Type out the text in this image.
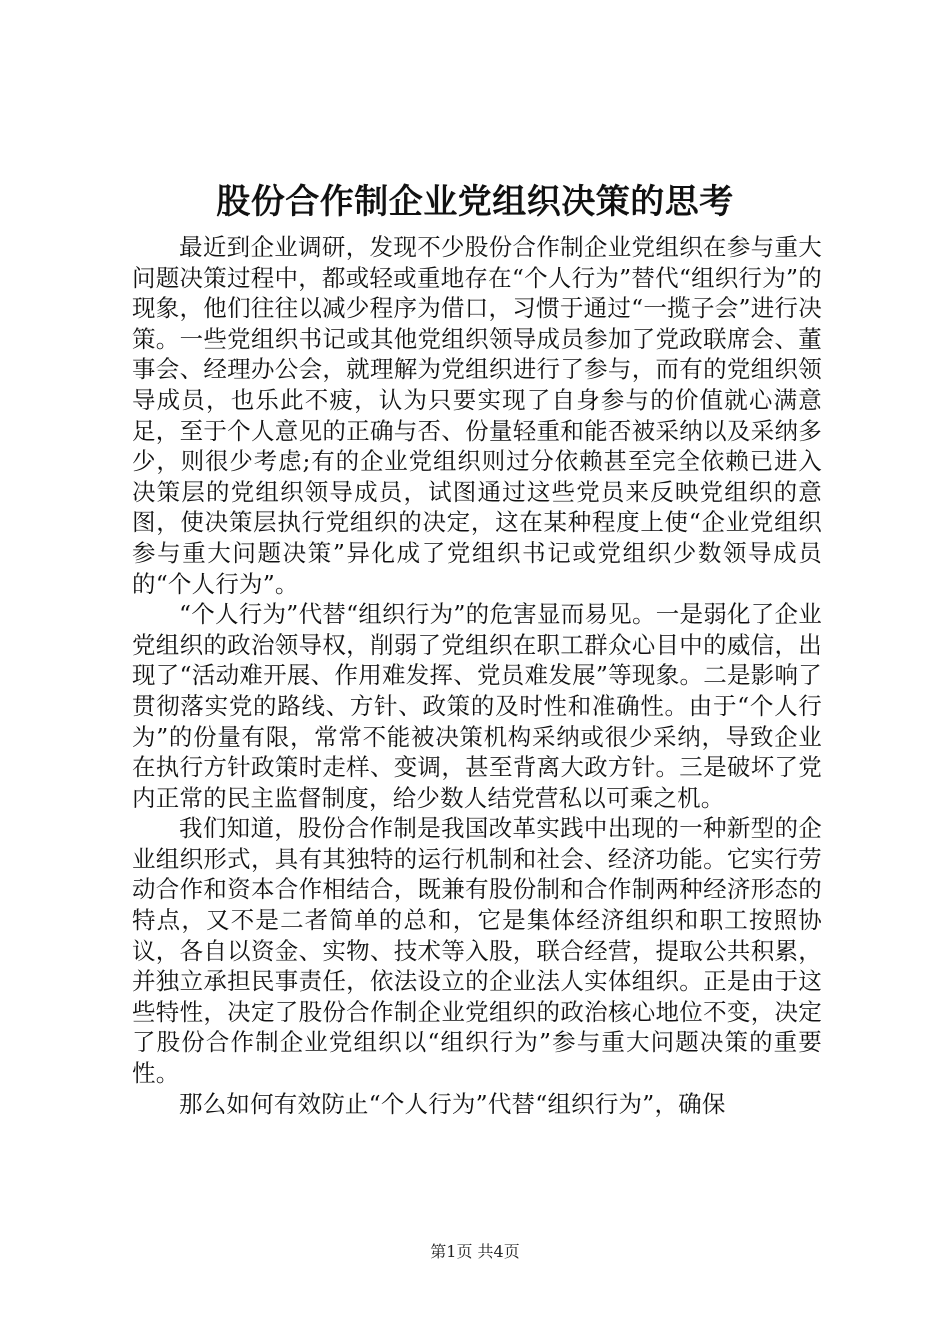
股份合作制企业党组织决策的思考

最近到企业调研，发现不少股份合作制企业党组织在参与重大问题决策过程中，都或轻或重地存在“个人行为”替代“组织行为”的现象，他们往往以减少程序为借口，习惯于通过“一揽子会”进行决策。一些党组织书记或其他党组织领导成员参加了党政联席会、董事会、经理办公会，就理解为党组织进行了参与，而有的党组织领导成员，也乐此不疲，认为只要实现了自身参与的价值就心满意足，至于个人意见的正确与否、份量轻重和能否被采纳以及采纳多少，则很少考虑;有的企业党组织则过分依赖甚至完全依赖已进入决策层的党组织领导成员，试图通过这些党员来反映党组织的意图，使决策层执行党组织的决定，这在某种程度上使“企业党组织参与重大问题决策”异化成了党组织书记或党组织少数领导成员的“个人行为”。

“个人行为”代替“组织行为”的危害显而易见。一是弱化了企业党组织的政治领导权，削弱了党组织在职工群众心目中的威信，出现了“活动难开展、作用难发挥、党员难发展”等现象。二是影响了贯彻落实党的路线、方针、政策的及时性和准确性。由于“个人行为”的份量有限，常常不能被决策机构采纳或很少采纳，导致企业在执行方针政策时走样、变调，甚至背离大政方针。三是破坏了党内正常的民主监督制度，给少数人结党营私以可乘之机。

我们知道，股份合作制是我国改革实践中出现的一种新型的企业组织形式，具有其独特的运行机制和社会、经济功能。它实行劳动合作和资本合作相结合，既兼有股份制和合作制两种经济形态的特点，又不是二者简单的总和，它是集体经济组织和职工按照协议，各自以资金、实物、技术等入股，联合经营，提取公共积累，并独立承担民事责任，依法设立的企业法人实体组织。正是由于这些特性，决定了股份合作制企业党组织的政治核心地位不变，决定了股份合作制企业党组织以“组织行为”参与重大问题决策的重要性。

那么如何有效防止“个人行为”代替“组织行为”，确保

第1页 共4页
